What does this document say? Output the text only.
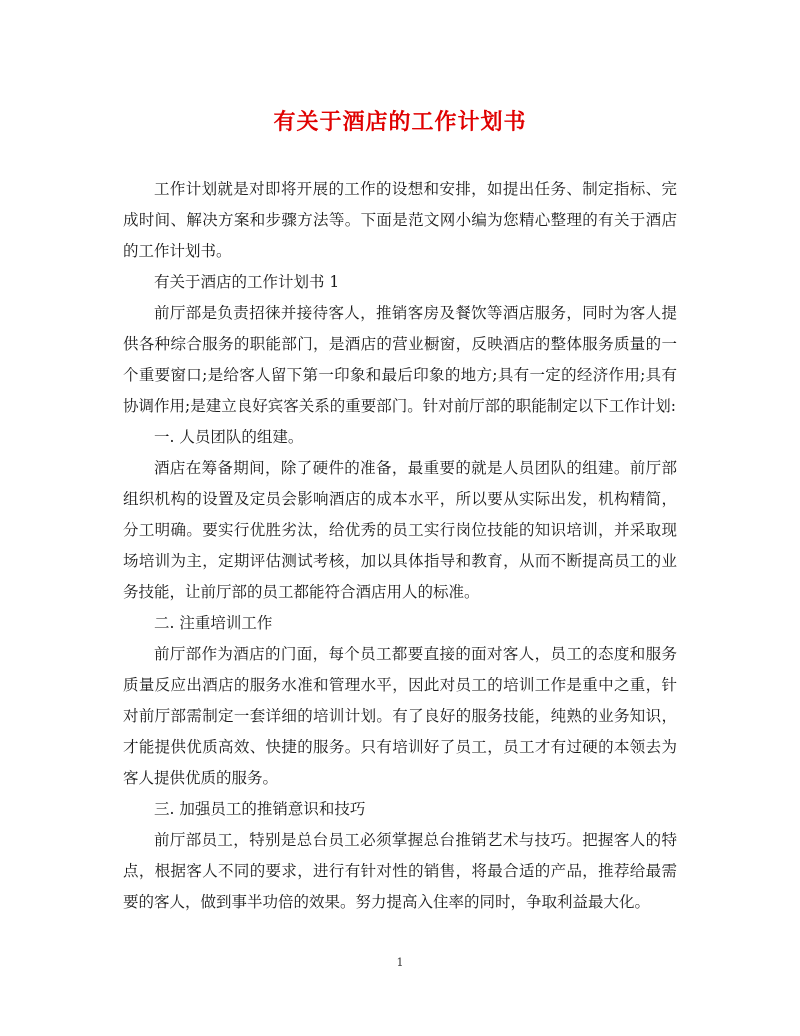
有关于酒店的工作计划书

工作计划就是对即将开展的工作的设想和安排，如提出任务、制定指标、完成时间、解决方案和步骤方法等。下面是范文网小编为您精心整理的有关于酒店的工作计划书。

有关于酒店的工作计划书 1

前厅部是负责招徕并接待客人，推销客房及餐饮等酒店服务，同时为客人提供各种综合服务的职能部门，是酒店的营业橱窗，反映酒店的整体服务质量的一个重要窗口;是给客人留下第一印象和最后印象的地方;具有一定的经济作用;具有协调作用;是建立良好宾客关系的重要部门。针对前厅部的职能制定以下工作计划:

一. 人员团队的组建。

酒店在筹备期间，除了硬件的准备，最重要的就是人员团队的组建。前厅部组织机构的设置及定员会影响酒店的成本水平，所以要从实际出发，机构精简，分工明确。要实行优胜劣汰，给优秀的员工实行岗位技能的知识培训，并采取现场培训为主，定期评估测试考核，加以具体指导和教育，从而不断提高员工的业务技能，让前厅部的员工都能符合酒店用人的标准。

二. 注重培训工作

前厅部作为酒店的门面，每个员工都要直接的面对客人，员工的态度和服务质量反应出酒店的服务水准和管理水平，因此对员工的培训工作是重中之重，针对前厅部需制定一套详细的培训计划。有了良好的服务技能，纯熟的业务知识，才能提供优质高效、快捷的服务。只有培训好了员工，员工才有过硬的本领去为客人提供优质的服务。

三. 加强员工的推销意识和技巧

前厅部员工，特别是总台员工必须掌握总台推销艺术与技巧。把握客人的特点，根据客人不同的要求，进行有针对性的销售，将最合适的产品，推荐给最需要的客人，做到事半功倍的效果。努力提高入住率的同时，争取利益最大化。

1
